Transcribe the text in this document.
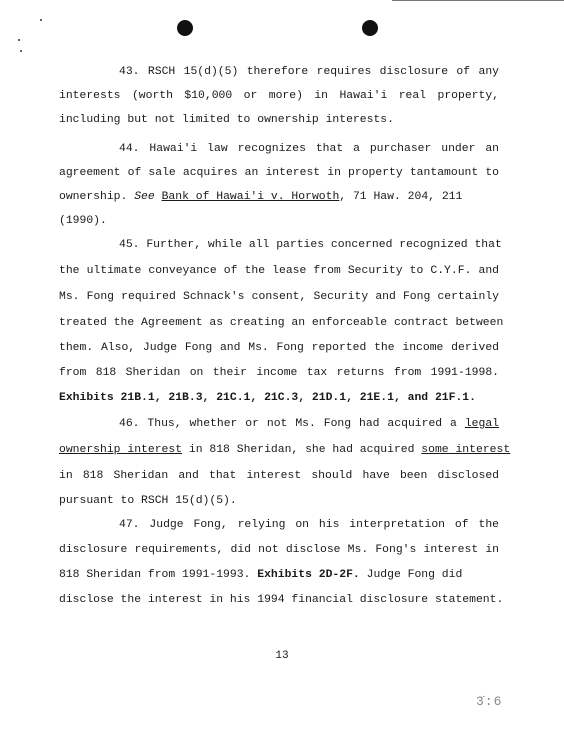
43. RSCH 15(d)(5) therefore requires disclosure of any
interests (worth $10,000 or more) in Hawai'i real property,
including but not limited to ownership interests.
44. Hawai'i law recognizes that a purchaser under an
agreement of sale acquires an interest in property tantamount to
ownership. See Bank of Hawai'i v. Horwoth, 71 Haw. 204, 211
(1990).
45. Further, while all parties concerned recognized that
the ultimate conveyance of the lease from Security to C.Y.F. and
Ms. Fong required Schnack's consent, Security and Fong certainly
treated the Agreement as creating an enforceable contract between
them. Also, Judge Fong and Ms. Fong reported the income derived
from 818 Sheridan on their income tax returns from 1991-1998.
Exhibits 21B.1, 21B.3, 21C.1, 21C.3, 21D.1, 21E.1, and 21F.1.
46. Thus, whether or not Ms. Fong had acquired a legal
ownership interest in 818 Sheridan, she had acquired some interest
in 818 Sheridan and that interest should have been disclosed
pursuant to RSCH 15(d)(5).
47. Judge Fong, relying on his interpretation of the
disclosure requirements, did not disclose Ms. Fong's interest in
818 Sheridan from 1991-1993. Exhibits 2D-2F. Judge Fong did
disclose the interest in his 1994 financial disclosure statement.
13
3̇:6
